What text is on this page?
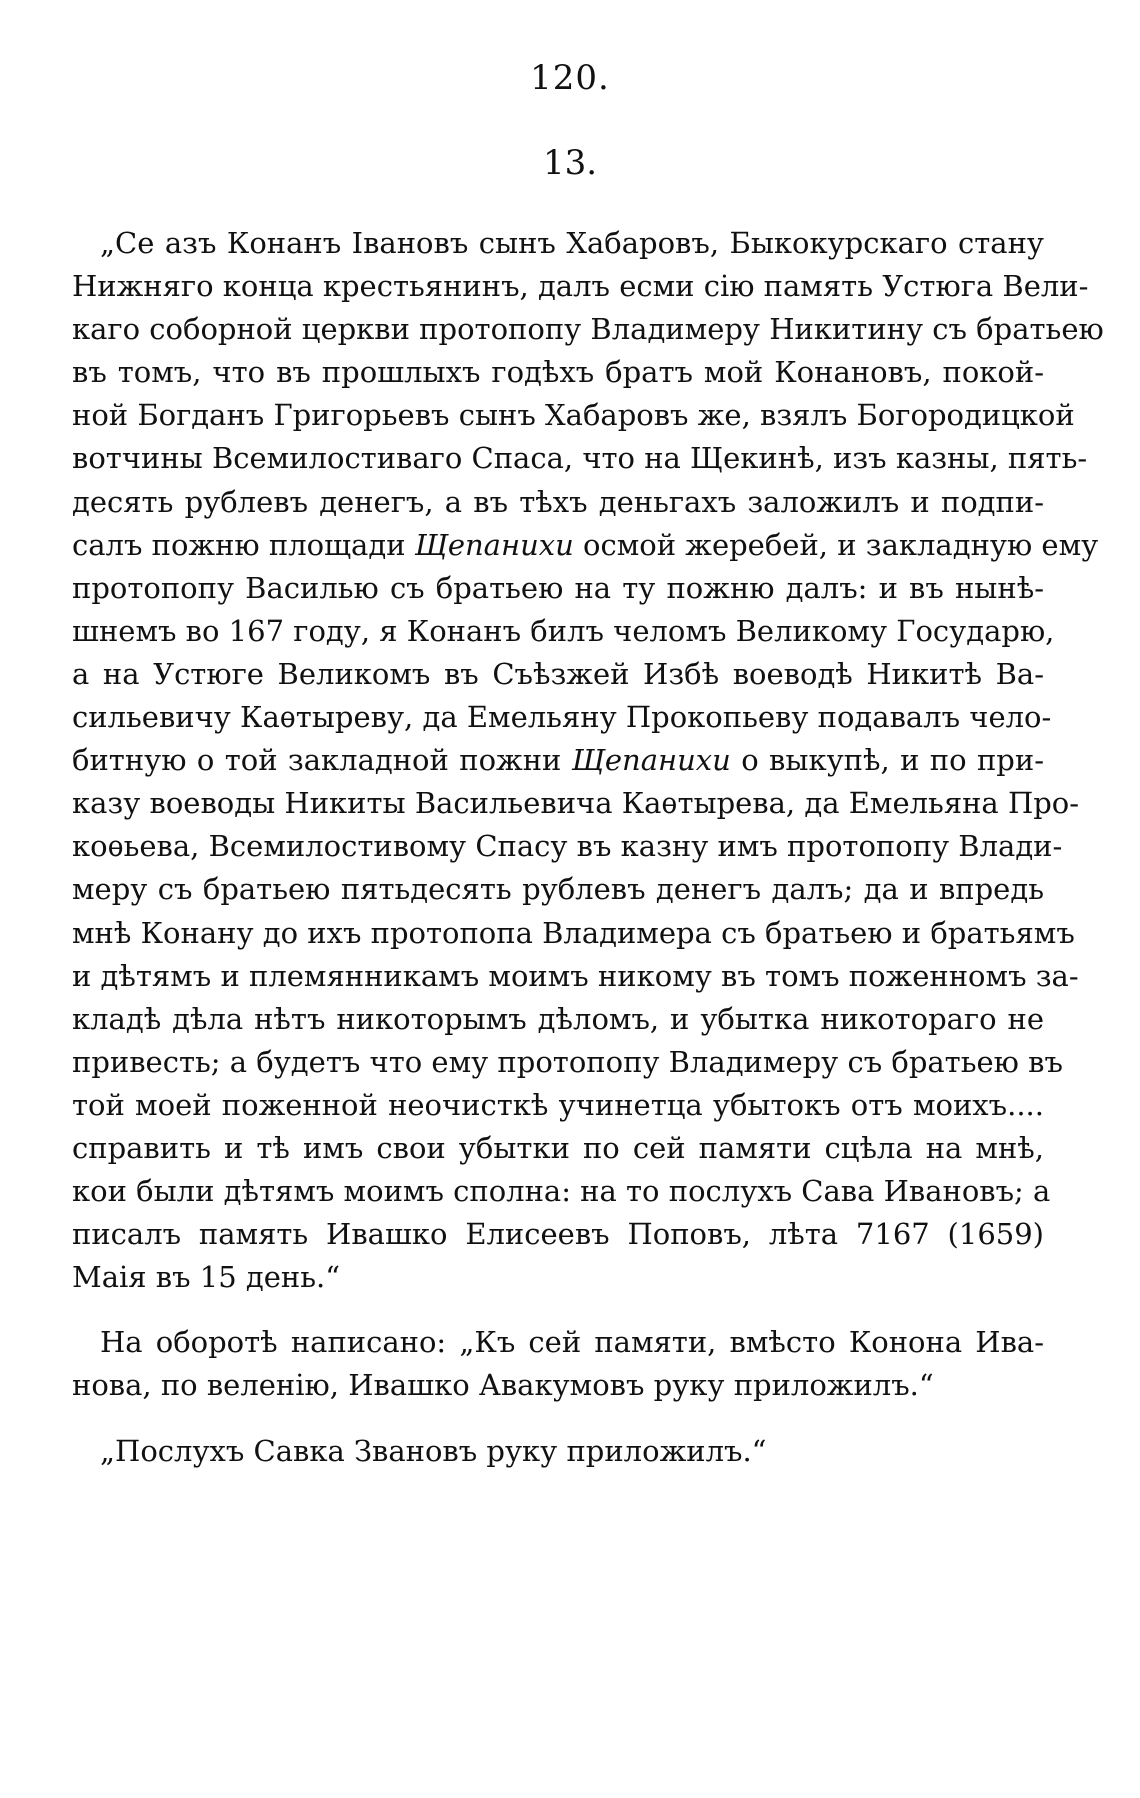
120.
13.
„Се азъ Конанъ Івановъ сынъ Хабаровъ, Быкокурскаго стану
Нижняго конца крестьянинъ, далъ есми сію память Устюга Вели-
каго соборной церкви протопопу Владимеру Никитину съ братьею
въ томъ, что въ прошлыхъ годѣхъ братъ мой Конановъ, покой-
ной Богданъ Григорьевъ сынъ Хабаровъ же, взялъ Богородицкой
вотчины Всемилостиваго Спаса, что на Щекинѣ, изъ казны, пять-
десять рублевъ денегъ, а въ тѣхъ деньгахъ заложилъ и подпи-
салъ пожню площади Щепанихи осмой жеребей, и закладную ему
протопопу Василью съ братьею на ту пожню далъ: и въ нынѣ-
шнемъ во 167 году, я Конанъ билъ челомъ Великому Государю,
а на Устюге Великомъ въ Съѣзжей Избѣ воеводѣ Никитѣ Ва-
сильевичу Каѳтыреву, да Емельяну Прокопьеву подавалъ чело-
битную о той закладной пожни Щепанихи о выкупѣ, и по при-
казу воеводы Никиты Васильевича Каѳтырева, да Емельяна Про-
коѳьева, Всемилостивому Спасу въ казну имъ протопопу Влади-
меру съ братьею пятьдесять рублевъ денегъ далъ; да и впредь
мнѣ Конану до ихъ протопопа Владимера съ братьею и братьямъ
и дѣтямъ и племянникамъ моимъ никому въ томъ поженномъ за-
кладѣ дѣла нѣтъ никоторымъ дѣломъ, и убытка никотораго не
привесть; а будетъ что ему протопопу Владимеру съ братьею въ
той моей поженной неочисткѣ учинетца убытокъ отъ моихъ....
справить и тѣ имъ свои убытки по сей памяти сцѣла на мнѣ,
кои были дѣтямъ моимъ сполна: на то послухъ Сава Ивановъ; а
писалъ память Ивашко Елисеевъ Поповъ, лѣта 7167 (1659)
Маія въ 15 день.“
На оборотѣ написано: „Къ сей памяти, вмѣсто Конона Ива-
нова, по веленію, Ивашко Авакумовъ руку приложилъ.“
„Послухъ Савка Звановъ руку приложилъ.“
